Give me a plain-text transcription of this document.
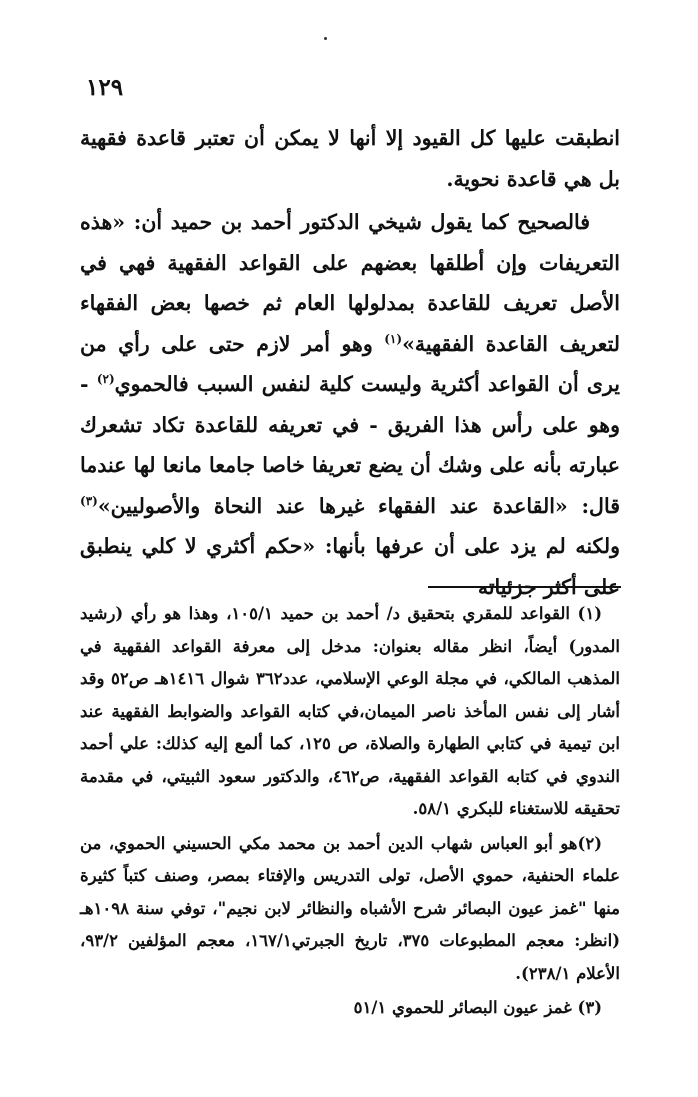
١٢٩

انطبقت عليها كل القيود إلا أنها لا يمكن أن تعتبر قاعدة فقهية بل هي قاعدة نحوية.

فالصحيح كما يقول شيخي الدكتور أحمد بن حميد أن: «هذه التعريفات وإن أطلقها بعضهم على القواعد الفقهية فهي في الأصل تعريف للقاعدة بمدلولها العام ثم خصها بعض الفقهاء لتعريف القاعدة الفقهية»$^{(١)}$ وهو أمر لازم حتى على رأي من يرى أن القواعد أكثرية وليست كلية لنفس السبب فالحموي$^{(٢)}$ - وهو على رأس هذا الفريق - في تعريفه للقاعدة تكاد تشعرك عبارته بأنه على وشك أن يضع تعريفا خاصا جامعا مانعا لها عندما قال: «القاعدة عند الفقهاء غيرها عند النحاة والأصوليين»$^{(٣)}$ ولكنه لم يزد على أن عرفها بأنها: «حكم أكثري لا كلي ينطبق على أكثر جزئياته

(١) القواعد للمقري بتحقيق د/ أحمد بن حميد ١٠٥/١، وهذا هو رأي (رشيد المدور) أيضاً، انظر مقاله بعنوان: مدخل إلى معرفة القواعد الفقهية في المذهب المالكي، في مجلة الوعي الإسلامي، عدد٣٦٢ شوال ١٤١٦هـ ص٥٢ وقد أشار إلى نفس المأخذ ناصر الميمان،في كتابه القواعد والضوابط الفقهية عند ابن تيمية في كتابي الطهارة والصلاة، ص ١٢٥، كما ألمع إليه كذلك: علي أحمد الندوي في كتابه القواعد الفقهية، ص٤٦٢، والدكتور سعود الثبيتي، في مقدمة تحقيقه للاستغناء للبكري ٥٨/١.

(٢)هو أبو العباس شهاب الدين أحمد بن محمد مكي الحسيني الحموي، من علماء الحنفية، حموي الأصل، تولى التدريس والإفتاء بمصر، وصنف كتباً كثيرة منها "غمز عيون البصائر شرح الأشباه والنظائر لابن نجيم"، توفي سنة ١٠٩٨هـ (انظر: معجم المطبوعات ٣٧٥، تاريخ الجبرتي١٦٧/١، معجم المؤلفين ٩٣/٢، الأعلام ٢٣٨/١).

(٣) غمز عيون البصائر للحموي ٥١/١
